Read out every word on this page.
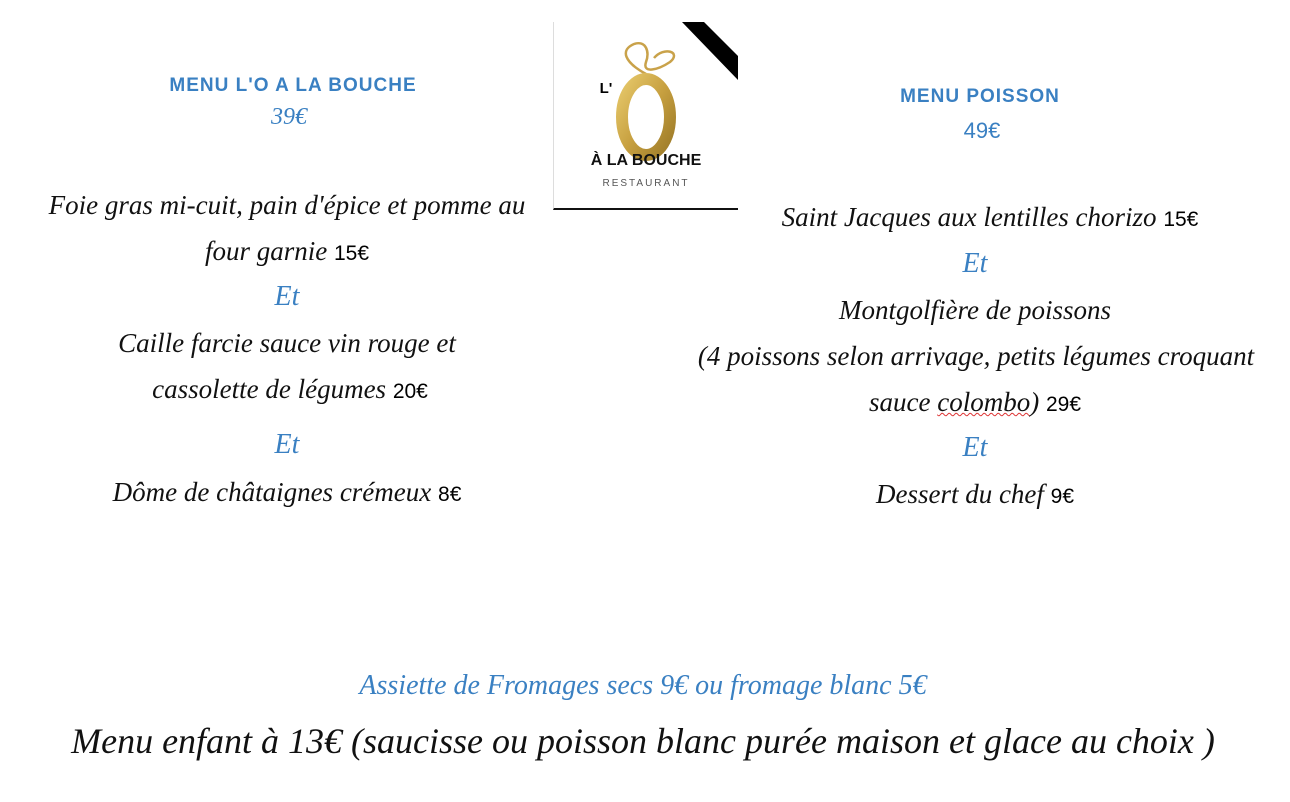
L'
À LA BOUCHE
RESTAURANT
MENU L'O A LA BOUCHE
39€
Foie gras mi-cuit, pain d'épice et pomme au
four garnie 15€
Et
Caille farcie sauce vin rouge et
cassolette de légumes 20€
Et
Dôme de châtaignes crémeux 8€
MENU POISSON
49€
Saint Jacques aux lentilles chorizo 15€
Et
Montgolfière de poissons
(4 poissons selon arrivage, petits légumes croquant
sauce colombo) 29€
Et
Dessert du chef 9€
Assiette de Fromages secs 9€ ou fromage blanc 5€
Menu enfant à 13€ (saucisse ou poisson blanc purée maison et glace au choix )
